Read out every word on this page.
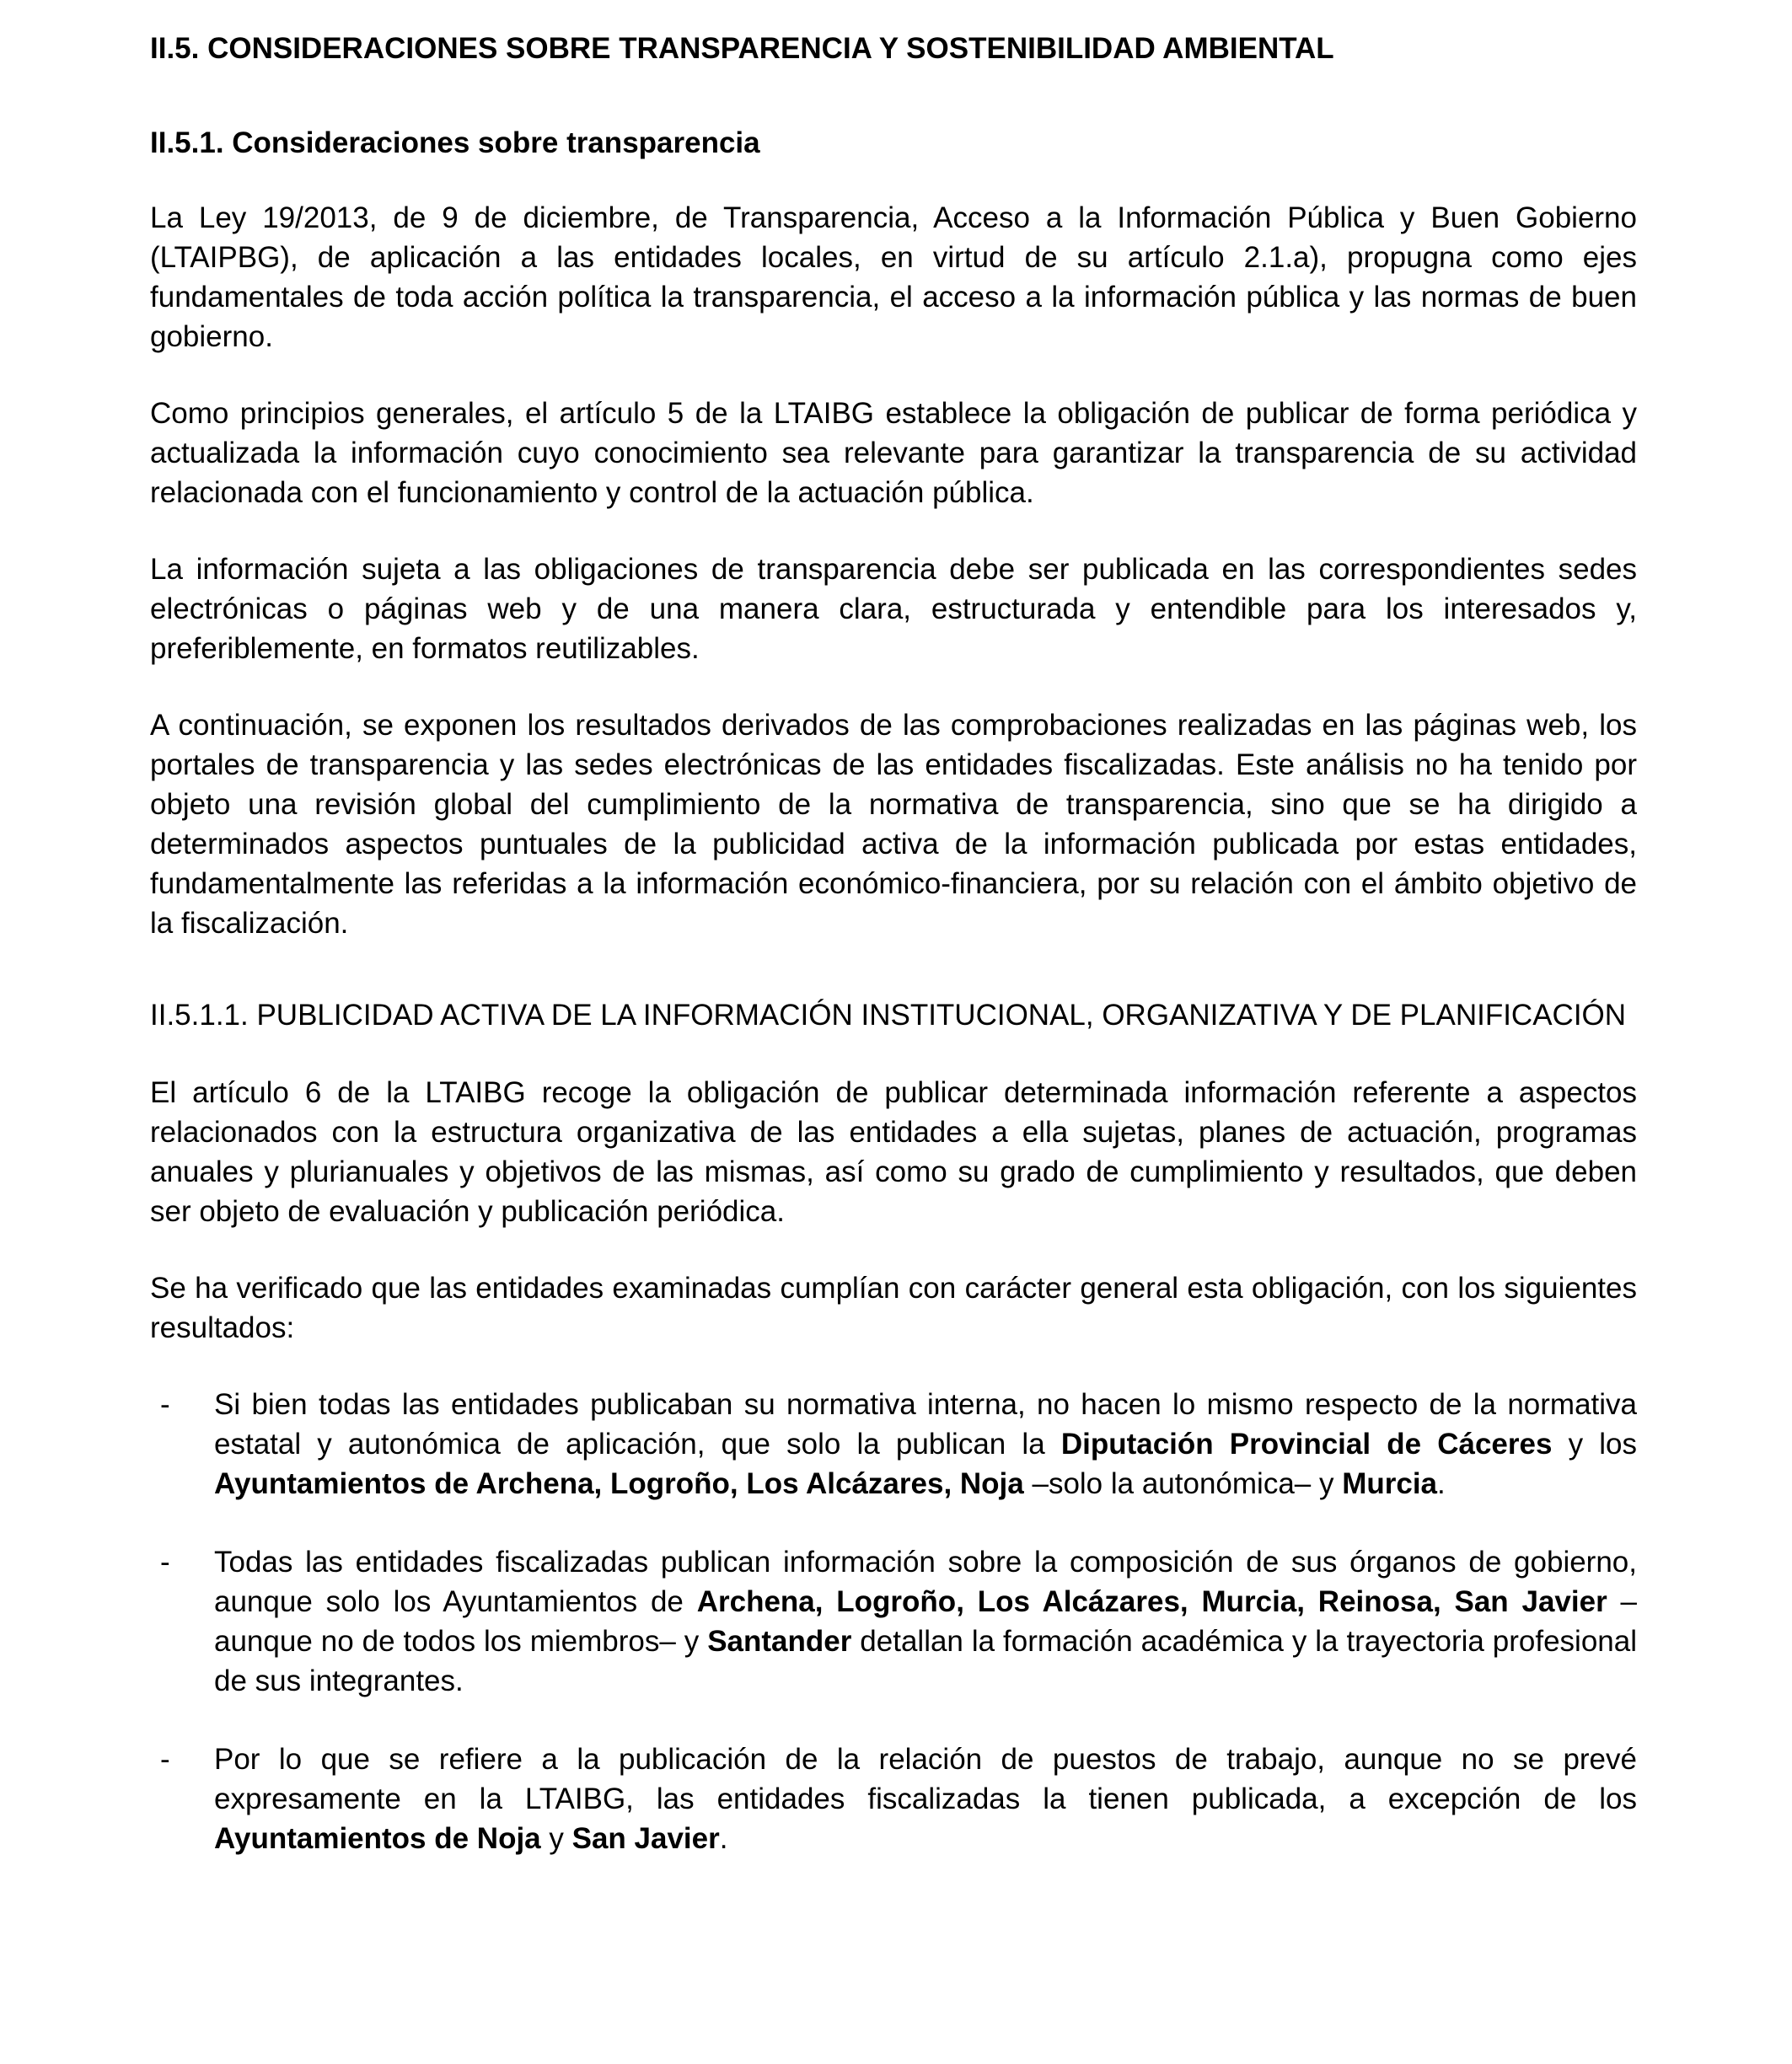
II.5. CONSIDERACIONES SOBRE TRANSPARENCIA Y SOSTENIBILIDAD AMBIENTAL
II.5.1. Consideraciones sobre transparencia

La Ley 19/2013, de 9 de diciembre, de Transparencia, Acceso a la Información Pública y Buen Gobierno (LTAIPBG), de aplicación a las entidades locales, en virtud de su artículo 2.1.a), propugna como ejes fundamentales de toda acción política la transparencia, el acceso a la información pública y las normas de buen gobierno.

Como principios generales, el artículo 5 de la LTAIBG establece la obligación de publicar de forma periódica y actualizada la información cuyo conocimiento sea relevante para garantizar la transparencia de su actividad relacionada con el funcionamiento y control de la actuación pública.

La información sujeta a las obligaciones de transparencia debe ser publicada en las correspondientes sedes electrónicas o páginas web y de una manera clara, estructurada y entendible para los interesados y, preferiblemente, en formatos reutilizables.

A continuación, se exponen los resultados derivados de las comprobaciones realizadas en las páginas web, los portales de transparencia y las sedes electrónicas de las entidades fiscalizadas. Este análisis no ha tenido por objeto una revisión global del cumplimiento de la normativa de transparencia, sino que se ha dirigido a determinados aspectos puntuales de la publicidad activa de la información publicada por estas entidades, fundamentalmente las referidas a la información económico-financiera, por su relación con el ámbito objetivo de la fiscalización.

II.5.1.1. PUBLICIDAD ACTIVA DE LA INFORMACIÓN INSTITUCIONAL, ORGANIZATIVA Y DE PLANIFICACIÓN

El artículo 6 de la LTAIBG recoge la obligación de publicar determinada información referente a aspectos relacionados con la estructura organizativa de las entidades a ella sujetas, planes de actuación, programas anuales y plurianuales y objetivos de las mismas, así como su grado de cumplimiento y resultados, que deben ser objeto de evaluación y publicación periódica.

Se ha verificado que las entidades examinadas cumplían con carácter general esta obligación, con los siguientes resultados:

- Si bien todas las entidades publicaban su normativa interna, no hacen lo mismo respecto de la normativa estatal y autonómica de aplicación, que solo la publican la Diputación Provincial de Cáceres y los Ayuntamientos de Archena, Logroño, Los Alcázares, Noja –solo la autonómica– y Murcia.
- Todas las entidades fiscalizadas publican información sobre la composición de sus órganos de gobierno, aunque solo los Ayuntamientos de Archena, Logroño, Los Alcázares, Murcia, Reinosa, San Javier –aunque no de todos los miembros– y Santander detallan la formación académica y la trayectoria profesional de sus integrantes.
- Por lo que se refiere a la publicación de la relación de puestos de trabajo, aunque no se prevé expresamente en la LTAIBG, las entidades fiscalizadas la tienen publicada, a excepción de los Ayuntamientos de Noja y San Javier.
